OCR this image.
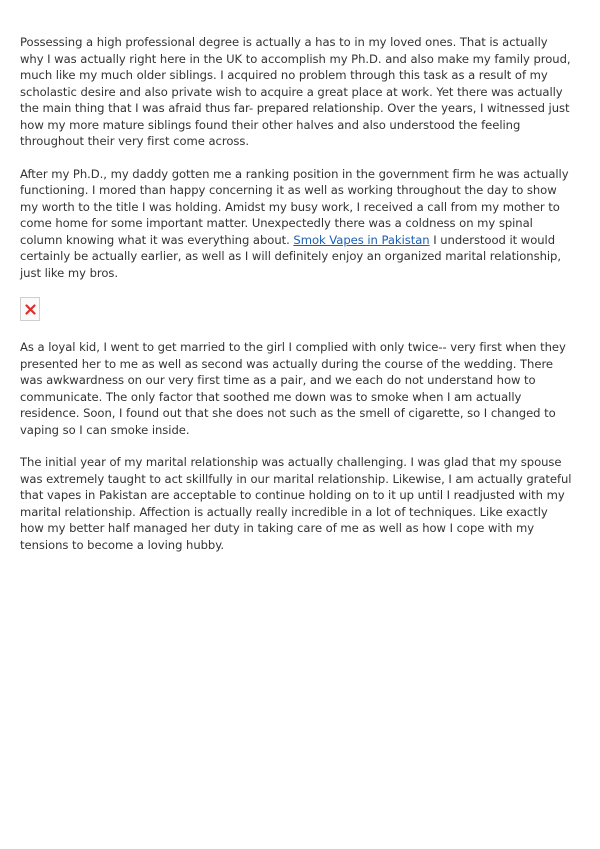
Possessing a high professional degree is actually a has to in my loved ones. That is actually why I was actually right here in the UK to accomplish my Ph.D. and also make my family proud, much like my much older siblings. I acquired no problem through this task as a result of my scholastic desire and also private wish to acquire a great place at work. Yet there was actually the main thing that I was afraid thus far- prepared relationship. Over the years, I witnessed just how my more mature siblings found their other halves and also understood the feeling throughout their very first come across.

After my Ph.D., my daddy gotten me a ranking position in the government firm he was actually functioning. I mored than happy concerning it as well as working throughout the day to show my worth to the title I was holding. Amidst my busy work, I received a call from my mother to come home for some important matter. Unexpectedly there was a coldness on my spinal column knowing what it was everything about. Smok Vapes in Pakistan I understood it would certainly be actually earlier, as well as I will definitely enjoy an organized marital relationship, just like my bros.

As a loyal kid, I went to get married to the girl I complied with only twice-- very first when they presented her to me as well as second was actually during the course of the wedding. There was awkwardness on our very first time as a pair, and we each do not understand how to communicate. The only factor that soothed me down was to smoke when I am actually residence. Soon, I found out that she does not such as the smell of cigarette, so I changed to vaping so I can smoke inside.

The initial year of my marital relationship was actually challenging. I was glad that my spouse was extremely taught to act skillfully in our marital relationship. Likewise, I am actually grateful that vapes in Pakistan are acceptable to continue holding on to it up until I readjusted with my marital relationship. Affection is actually really incredible in a lot of techniques. Like exactly how my better half managed her duty in taking care of me as well as how I cope with my tensions to become a loving hubby.
